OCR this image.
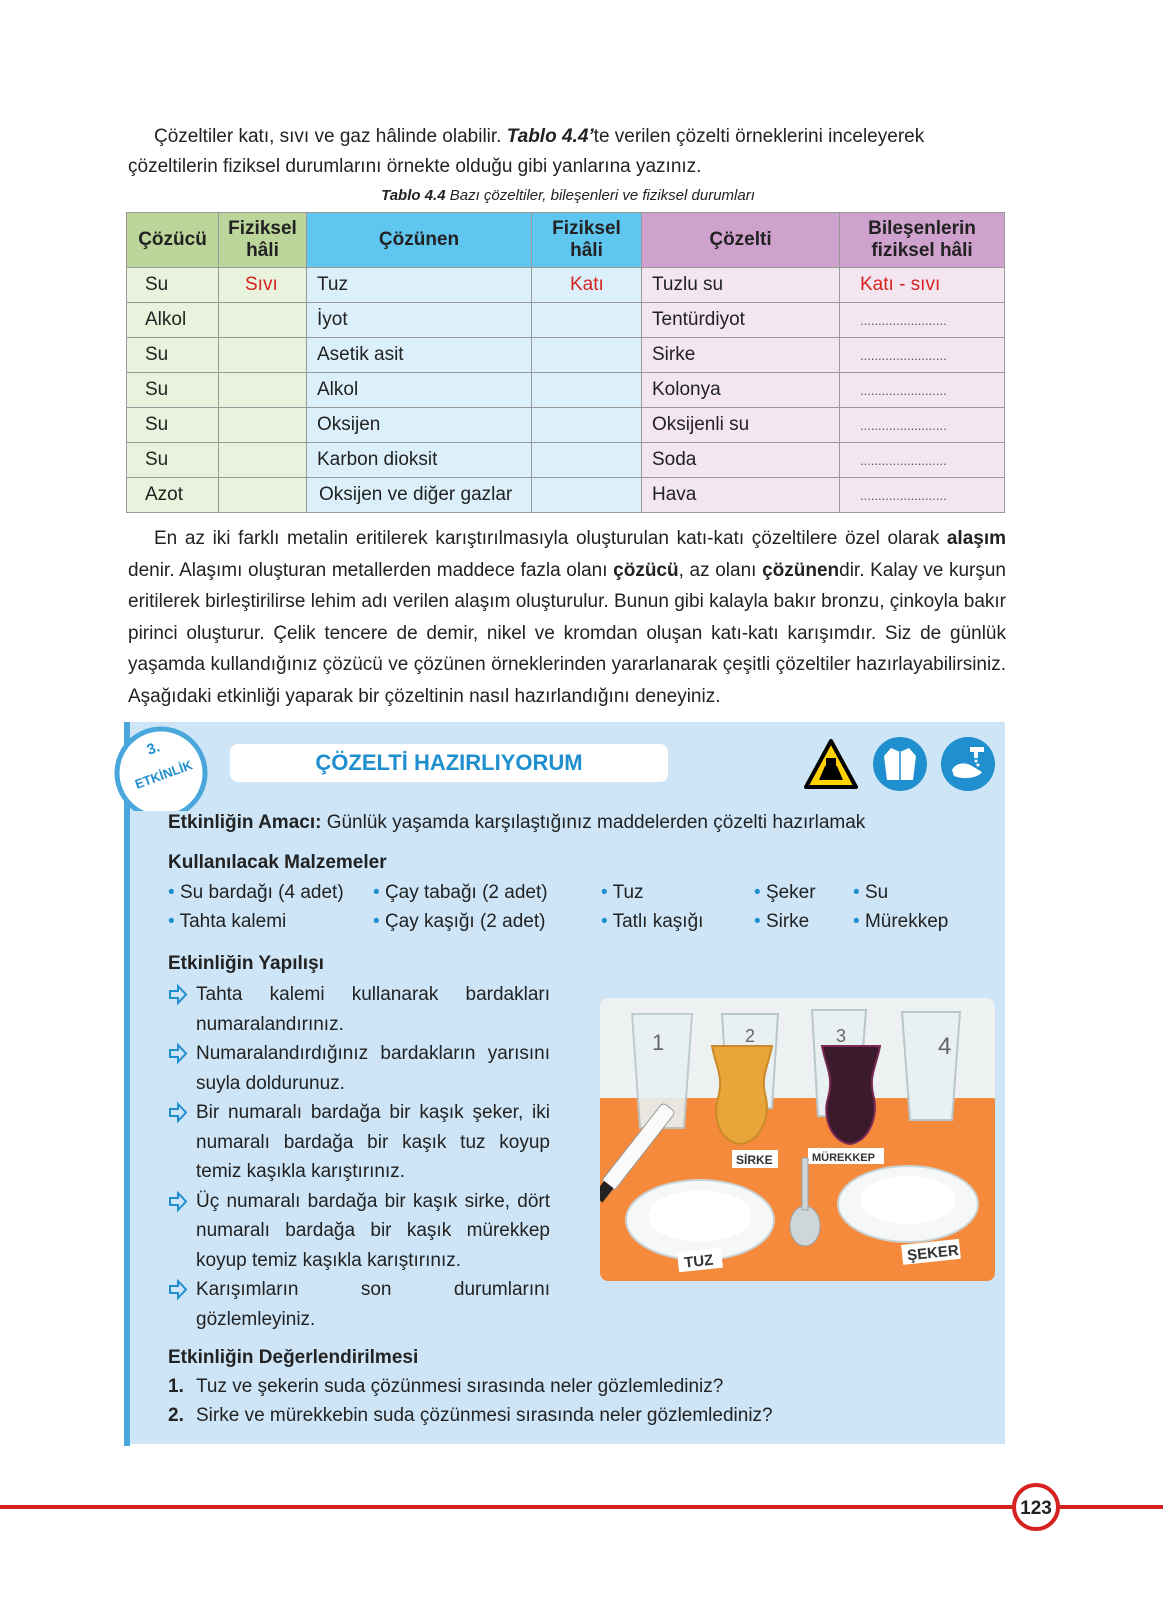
Çözeltiler katı, sıvı ve gaz hâlinde olabilir. Tablo 4.4’te verilen çözelti örneklerini inceleyerek çözeltilerin fiziksel durumlarını örnekte olduğu gibi yanlarına yazınız.
Tablo 4.4 Bazı çözeltiler, bileşenleri ve fiziksel durumları
Çözücü	Fiziksel hâli	Çözünen	Fiziksel hâli	Çözelti	Bileşenlerin fiziksel hâli
Su	Sıvı	Tuz	Katı	Tuzlu su	Katı - sıvı
Alkol		İyot		Tentürdiyot	........................
Su		Asetik asit		Sirke	........................
Su		Alkol		Kolonya	........................
Su		Oksijen		Oksijenli su	........................
Su		Karbon dioksit		Soda	........................
Azot		Oksijen ve diğer gazlar		Hava	........................
En az iki farklı metalin eritilerek karıştırılmasıyla oluşturulan katı-katı çözeltilere özel olarak alaşım denir. Alaşımı oluşturan metallerden maddece fazla olanı çözücü, az olanı çözünendir. Kalay ve kurşun eritilerek birleştirilirse lehim adı verilen alaşım oluşturulur. Bunun gibi kalayla bakır bronzu, çinkoyla bakır pirinci oluşturur. Çelik tencere de demir, nikel ve kromdan oluşan katı-katı karışımdır. Siz de günlük yaşamda kullandığınız çözücü ve çözünen örneklerinden yararlanarak çeşitli çözeltiler hazırlayabilirsiniz. Aşağıdaki etkinliği yaparak bir çözeltinin nasıl hazırlandığını deneyiniz.
3.
ETKİNLİK	ÇÖZELTİ HAZIRLIYORUM
Etkinliğin Amacı: Günlük yaşamda karşılaştığınız maddelerden çözelti hazırlamak
Kullanılacak Malzemeler
• Su bardağı (4 adet) • Çay tabağı (2 adet)	• Tuz	• Şeker • Su
• Tahta kalemi	• Çay kaşığı (2 adet)	• Tatlı kaşığı	• Sirke • Mürekkep
Etkinliğin Yapılışı
Tahta kalemi kullanarak bardakları numaralandırınız.
Numaralandırdığınız bardakların yarısını suyla doldurunuz.
Bir numaralı bardağa bir kaşık şeker, iki numaralı bardağa bir kaşık tuz koyup temiz kaşıkla karıştırınız.
Üç numaralı bardağa bir kaşık sirke, dört numaralı bardağa bir kaşık mürekkep koyup temiz kaşıkla karıştırınız.
Karışımların son durumlarını gözlemleyiniz.
1	2	3	4
SİRKE	MÜREKKEP
TUZ	ŞEKER
Etkinliğin Değerlendirilmesi
1. Tuz ve şekerin suda çözünmesi sırasında neler gözlemlediniz?
2. Sirke ve mürekkebin suda çözünmesi sırasında neler gözlemlediniz?
123
